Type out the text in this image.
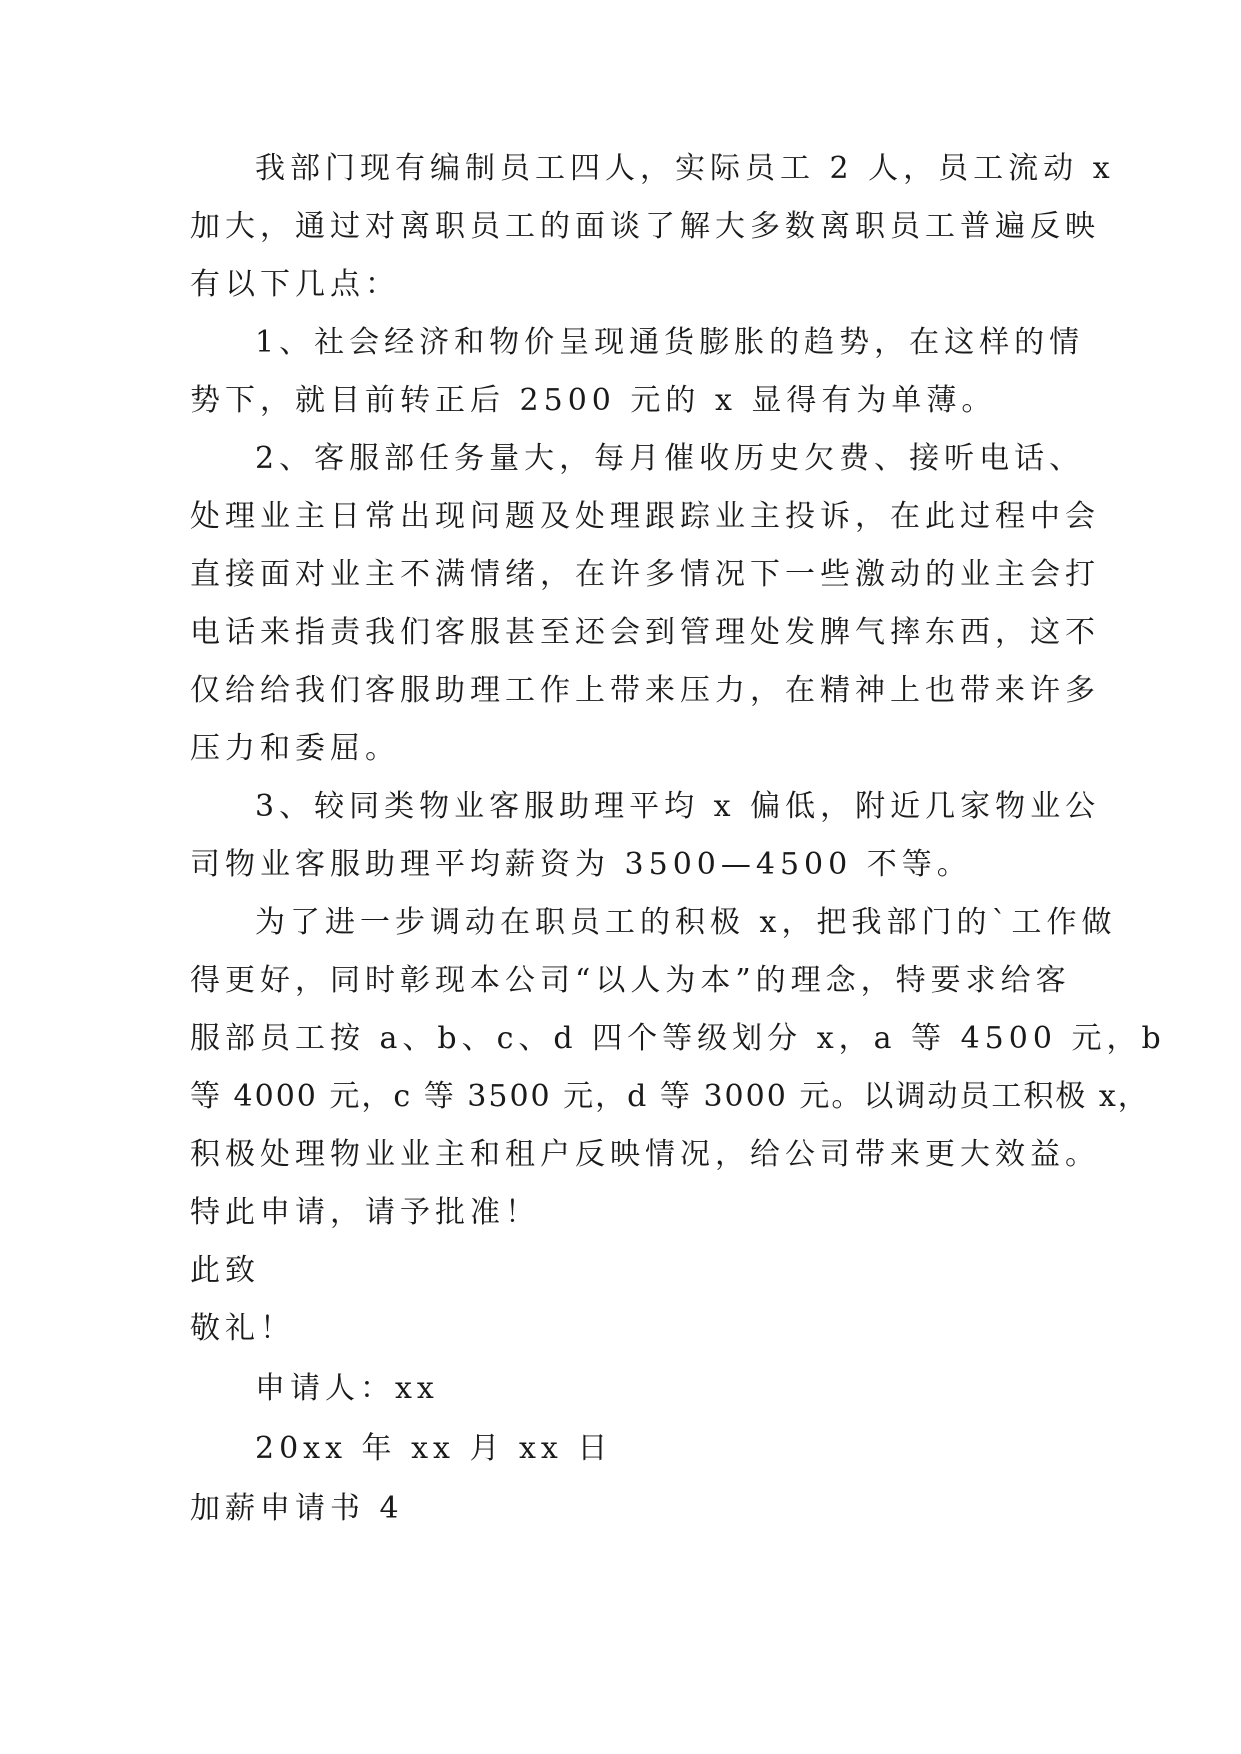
我部门现有编制员工四人，实际员工 2 人，员工流动 x
加大，通过对离职员工的面谈了解大多数离职员工普遍反映
有以下几点：
1、社会经济和物价呈现通货膨胀的趋势，在这样的情
势下，就目前转正后 2500 元的 x 显得有为单薄。
2、客服部任务量大，每月催收历史欠费、接听电话、
处理业主日常出现问题及处理跟踪业主投诉，在此过程中会
直接面对业主不满情绪，在许多情况下一些激动的业主会打
电话来指责我们客服甚至还会到管理处发脾气摔东西，这不
仅给给我们客服助理工作上带来压力，在精神上也带来许多
压力和委屈。
3、较同类物业客服助理平均 x 偏低，附近几家物业公
司物业客服助理平均薪资为 3500—4500 不等。
为了进一步调动在职员工的积极 x，把我部门的`工作做
得更好，同时彰现本公司“以人为本”的理念，特要求给客
服部员工按 a、b、c、d 四个等级划分 x，a 等 4500 元，b
等 4000 元，c 等 3500 元，d 等 3000 元。以调动员工积极 x，
积极处理物业业主和租户反映情况，给公司带来更大效益。
特此申请，请予批准！
此致
敬礼！
申请人：xx
20xx 年 xx 月 xx 日
加薪申请书 4
